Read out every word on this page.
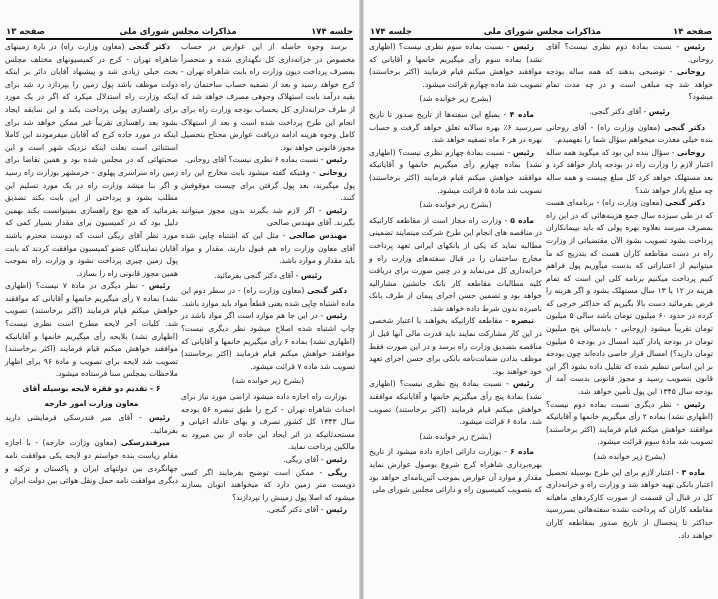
جلسه ۱۷۴
مذاکرات مجلس شورای ملی
صفحه ۱۳

برسد وجوه حاصله از این عوارض در حساب مخصوص در خزانه‌داری کل نگهداری شده و منحصراً بمصرف پرداخت دیون وزارت راه بابت شاهراه تهران - کرج خواهد رسید و بعد از تصفیه حساب ساختمان راه بقیه درآمد بابت استهلاک وجوهی مصرف خواهد شد که از طرف خزانه‌داری کل بحساب بودجه وزارت راه برای انجام این طرح پرداخت شده است و بعد از استهلاک کامل وجوه هزینه ادامه دریافت عوارض محتاج بتحصیل مجوز قانونی خواهد بود.

رئیس - نسبت بماده ۶ نظری نیست؟ آقای روحانی.

روحانی - وقتیکه گفته میشود بابت مخارج این راه پول میگیرند، بعد پول گرفتن برای چیست موقوفش کنند.

رئیس - اگر لازم شد بگیرند بدون مجوز میتوانند بگیرند. آقای مهندس صالحی

مهندس صالحی - مثل این که اشتباه چاپی شده آقای معاون وزارت راه هم قبول دارند، مقدار و مواد باید مقدار و موارد باشد.

رئیس - آقای دکتر گنجی بفرمائید.

دکتر گنجی (معاون وزارت راه) - در سطر دوم این ماده اشتباه چاپی شده یعنی قطعاً مواد باید موارد باشد.

رئیس - در این جا هم موارد است اگر مواد باشد در چاپ اشتباه شده اصلاح میشود نظر دیگری نیست؟ (اظهاری نشد) بماده ۶ رأی میگیریم خانمها و آقایانی که موافقند خواهش میکنم قیام فرمایند (اکثر برخاستند) تصویب شد ماده ۷ قرائت میشود.

(بشرح زیر خوانده شد)

بوزارت راه اجازه داده میشود اراضی مورد نیاز برای احداث شاهراه تهران - کرج را طبق تبصره ۵۶ بودجه سال ۱۳۴۳ کل کشور تصرف و بهای عادله اعیانی و مستحدثاتیکه در اثر ایجاد این جاده از بین میرود به مالکین پرداخت نماید.

رئیس - آقای ریگی.

ریگی - ممکن است توضیح بفرمایند اگر کسی دویست متر زمین دارد که میخواهند اتوبان بسازند میشود که اصلا پول زمینش را نپردازند؟

رئیس - آقای دکتر گنجی.

دکتر گنجی (معاون وزارت راه) در بارهٔ زمینهای شاهراه تهران - کرج در کمیسیونهای مختلف مجلس بحث خیلی زیادی شد و پیشنهاد آقایان دائر بر اینکه دولت موظف باشد پول زمین را بپردازد رد شد برای اینکه وزارت راه استدلال میکرد که اگر در یک مورد برای راهسازی پولی پرداخت بکند و این سابقه ایجاد بشود بعد راهسازی تقریباً غیر ممکن خواهد شد برای اینکه در مورد جاده کرج که آقایان میفرمودند این کاملا استثنائی است بعلت اینکه نزدیک شهر است و این صحبتهائی که در مجلس شده بود و همین تقاضا برای زمین راه سراسری پهلوی - خرمشهر بوزارت راه رسید و اگر بنا میشد وزارت راه در یک مورد تسلیم این مطلب بشود و پرداختی از این بابت بکند تصدیق بفرمائید که هیچ نوع راهسازی نمیتوانست بکند بهمین دلیل بود که در کمیسیون برای مقدار بسیار کمی که مورد نظر آقای ریگی است که دوست محترم باشند آقایان نمایندگان عضو کمیسیون موافقت کردند که بابت پول زمین چیزی پرداخت نشود و وزارت راه بموجب همین مجوز قانونی راه را بسازد.

رئیس - نظر دیگری در مادهٔ ۷ نیست؟ (اظهاری نشد) بماده ۷ رأی میگیریم خانمها و آقایانی که موافقند خواهش میکنم قیام فرمایند (اکثر برخاستند) تصویب شد. کلیات آخر لایحه مطرح است نظری نیست؟ (اظهاری نشد) بلایحه رأی میگیریم خانمها و آقایانیکه موافقند خواهش میکنم قیام فرمایند (اکثر برخاستند) تصویب شد لایحه برای تصویب و مادهٔ ۹۶ برای اظهار ملاحظات بمجلس سنا فرستاده میشود.

۶ - تقدیم دو فقره لایحه بوسیله آقای

معاون وزارت امور خارجه

رئیس - آقای میر فندرسکی فرمایشی دارید بفرمائید.

میرفندرسکی (معاون وزارت خارجه) - با اجازه مقام ریاست بنده خواستم دو لایحه یکی موافقت نامه جهانگردی بین دولتهای ایران و پاکستان و ترکیه و دیگری موافقت نامه حمل ونقل هوائی بین دولت ایران

صفحه ۱۴
مذاکرات مجلس شورای ملی
جلسه ۱۷۴

رئیس - نسبت بمادهٔ دوم نظری نیست؟ آقای روحانی.

روحانی - توضیحی بدهند که همه ساله بودجه خواهد شد چه مبلغی است و در چه مدت تمام میشود؟

رئیس - آقای دکتر گنجی.

دکتر گنجی (معاون وزارت راه) - آقای روحانی بنده خیلی معذرت میخواهم سؤال شما را نفهمیدم.

روحانی - سؤال بنده این بود که میگوید همه ساله اعتبار لازم را وزارت راه در بودجه پادار خواهد کرد و بعد مستهلک خواهد کرد کل مبلغ چیست و همه ساله چه مبلغ پادار خواهد شد؟

دکتر گنجی (معاون وزارت راه) - برنامه‌ای هست که در طی سیزده سال جمع هزینه‌هائی که در این راه بمصرف میرسد بعلاوه بهره پولی که باید بپیمانکاران پرداخت بشود تصویب بشود الآن مقتضیاتی از وزارت راه در دست مقاطعه کاران هست که بتدریج که ما میتوانیم از اعتباراتی که بدست میآوریم پول فراهم کنیم پرداخت میکنیم برنامه کلی این است که تمام هزینه در ۱۲ یا ۱۳ سال مستهلک بشود و اگر هزینه را فرض بفرمائید دست بالا بگیریم که حداکثر خرجی که کرده در حدود ۶۰ میلیون تومان باشد سالی ۵ میلیون تومان تقریباً میشود (روحانی - بایدسالی پنج میلیون تومان در بودجه پادار کنید امسال در بودجه ۵ میلیون تومان دارید؟) امسال قرار خاصی داده‌اند چون بودجه بر این اساس تنظیم شده که تقلیل داده بشود اگر این قانون بتصویب رسید و مجوز قانونی بدست آمد از بودجه سال ۱۳۴۵ این پول تأمین خواهد شد.

رئیس - نظر دیگری نسبت بماده دوم نیست؟ (اظهاری نشد) بماده ۲ رأی میگیریم خانمها و آقایانیکه موافقند خواهش میکنم قیام فرمایند (اکثر برخاستند) تصویب شد مادهٔ سوم قرائت میشود.

(بشرح زیر خوانده شد)

ماده ۳ - اعتبار لازم برای این طرح بوسیله تحصیل اعتبار بانکی تهیه خواهد شد و وزارت راه و خزانه‌داری کل در قبال آن قسمت از صورت کارکردهای ماهیانه مقاطعه کاران که پرداخت نشده سفته‌هائی بسررسید حداکثر تا پنجسال از تاریخ صدور بمقاطعه کاران خواهند داد.

رئیس - نسبت بماده سوم نظری نیست؟ (اظهاری نشد) بماده سوم رأی میگیریم خانمها و آقایانی که موافقند خواهش میکنم قیام فرمایند (اکثر برخاستند) تصویب شد ماده چهارم قرائت میشود.

(بشرح زیر خوانده شد)

ماده ۴ - بمبلغ این سفته‌ها از تاریخ صدور تا تاریخ سررسید ۶٪ بهره سالانه تعلق خواهد گرفت و حساب بهره در هر ۶ ماه تصفیه خواهد شد.

رئیس - نسبت بمادهٔ چهارم نظری نیست؟ (اظهاری نشد) بماده چهارم رأی میگیریم خانمها و آقایانیکه موافقند خواهش میکنم قیام فرمایند (اکثر برخاستند) تصویب شد مادهٔ ۵ قرائت میشود.

(بشرح زیر خوانده شد)

ماده ۵ - وزارت راه مجاز است از مقاطعه کارانیکه در مناقصه های انجام این طرح شرکت مینمایند تضمینی مطالبه نماید که یکی از بانکهای ایرانی تعهد پرداخت مخارج ساختمان را در قبال سفته‌های وزارت راه و خزانه‌داری کل می‌نماید و در چنین صورت برای دریافت کلیه مطالبات مقاطعه کار بانک جانشین مشارالیه خواهد بود و تضمین حسن اجرای پیمان از طرف بانک نامبرده بدون شرط داده خواهد شد.

تبصره - مقاطعه کارانیکه بخواهند با اعتبار شخصی در این کار مشارکت نمایند باید قدرت مالی آنها قبل از مناقصه بتصدیق وزارت راه برسد و در این صورت فقط موظف بدادن ضمانت‌نامه بانکی برای حسن اجرای تعهد خود خواهند بود.

رئیس - نسبت بمادهٔ پنج نظری نیست؟ (اظهاری نشد) بمادهٔ پنج رأی میگیریم خانمها و آقایانیکه موافقند خواهش میکنم قیام فرمایند (اکثر برخاستند) تصویب شد. مادهٔ ۶ قرائت میشود.

(بشرح زیر خوانده شد)

ماده ۶ - بوزارت دارائی اجازه داده میشود از تاریخ بهره‌برداری شاهراه کرج شروع بوصول عوارض نماید مقدار و موارد آن عوارض بموجب آئین‌نامه‌ای خواهد بود که بتصویب کمیسیون راه و دارائی مجلس شورای ملی
